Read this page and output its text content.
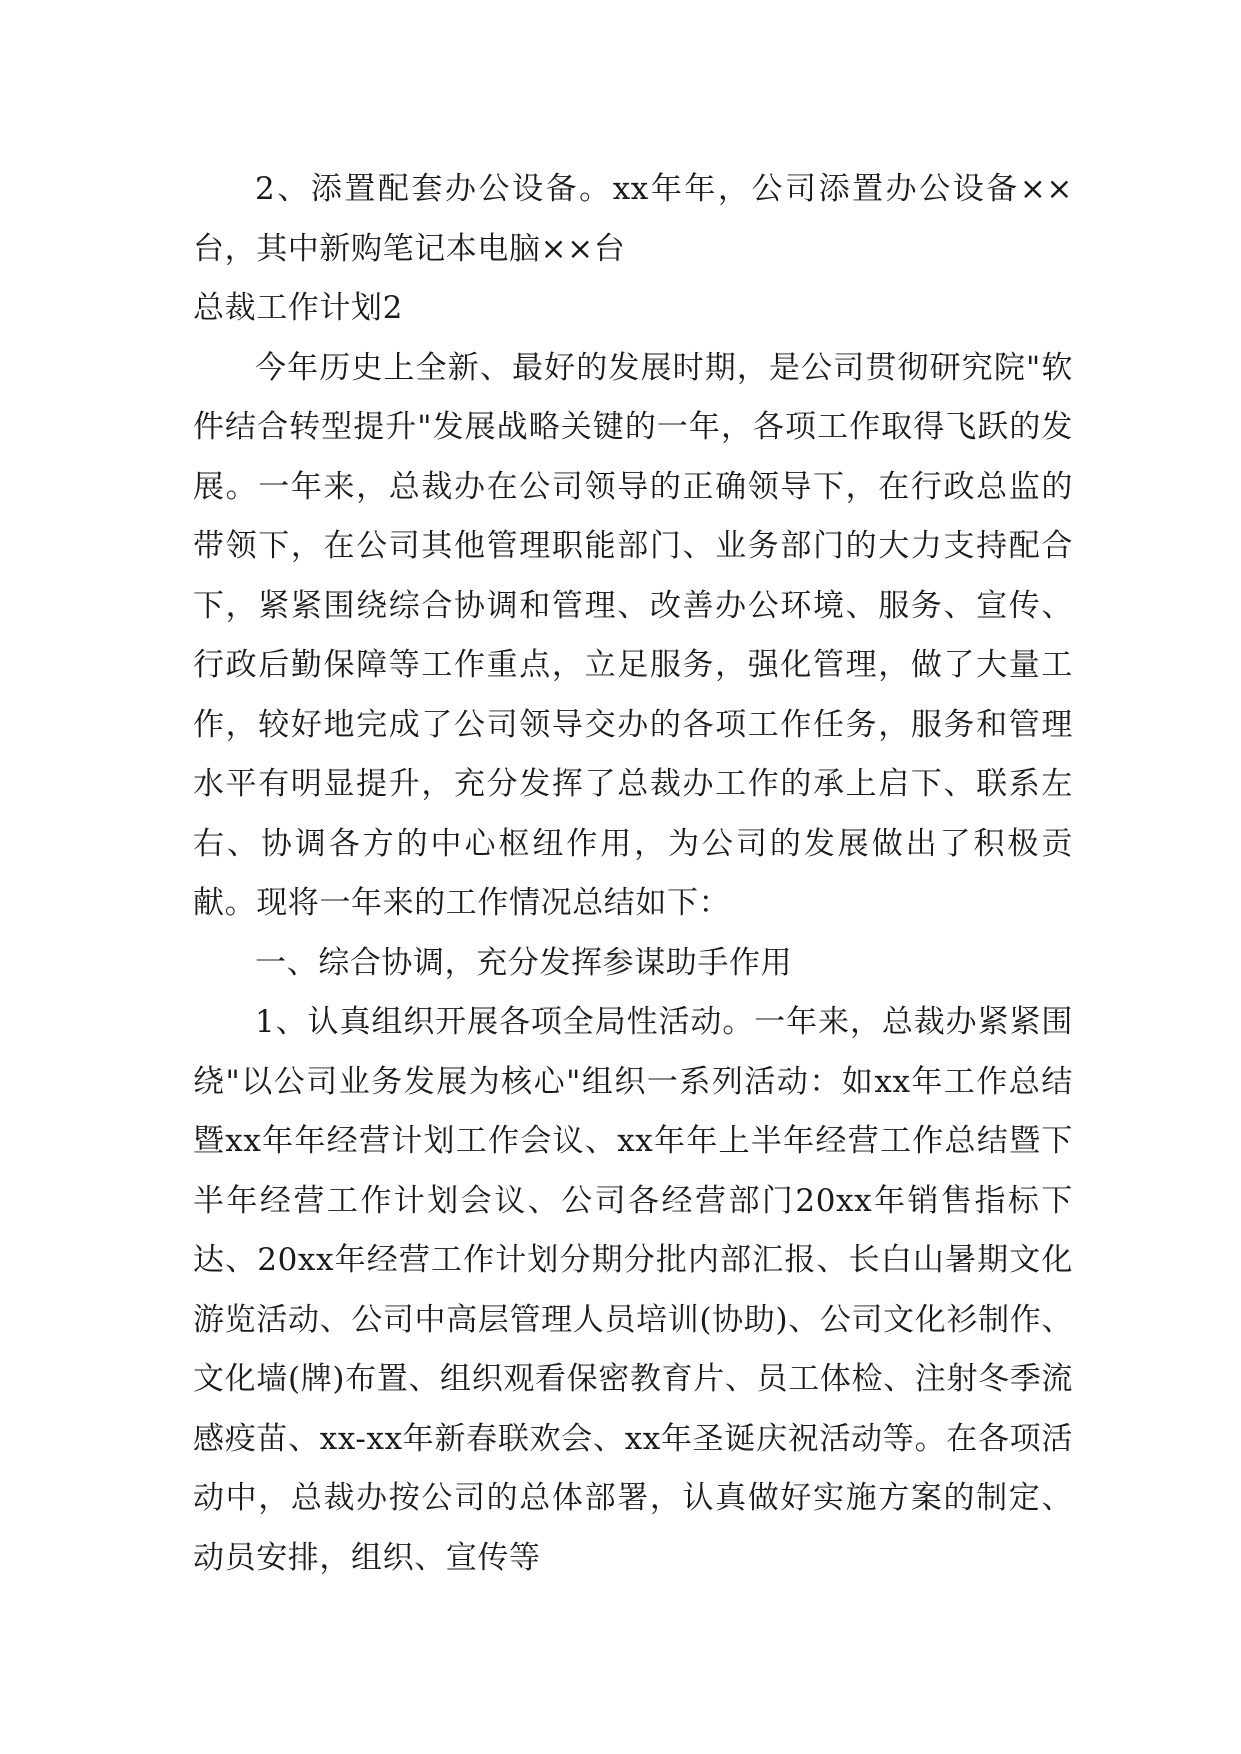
2、添置配套办公设备。xx年年，公司添置办公设备××台，其中新购笔记本电脑××台

总裁工作计划2

今年历史上全新、最好的发展时期，是公司贯彻研究院"软件结合转型提升"发展战略关键的一年，各项工作取得飞跃的发展。一年来，总裁办在公司领导的正确领导下，在行政总监的带领下，在公司其他管理职能部门、业务部门的大力支持配合下，紧紧围绕综合协调和管理、改善办公环境、服务、宣传、行政后勤保障等工作重点，立足服务，强化管理，做了大量工作，较好地完成了公司领导交办的各项工作任务，服务和管理水平有明显提升，充分发挥了总裁办工作的承上启下、联系左右、协调各方的中心枢纽作用，为公司的发展做出了积极贡献。现将一年来的工作情况总结如下：

一、综合协调，充分发挥参谋助手作用

1、认真组织开展各项全局性活动。一年来，总裁办紧紧围绕"以公司业务发展为核心"组织一系列活动：如xx年工作总结暨xx年年经营计划工作会议、xx年年上半年经营工作总结暨下半年经营工作计划会议、公司各经营部门20xx年销售指标下达、20xx年经营工作计划分期分批内部汇报、长白山暑期文化游览活动、公司中高层管理人员培训(协助)、公司文化衫制作、文化墙(牌)布置、组织观看保密教育片、员工体检、注射冬季流感疫苗、xx-xx年新春联欢会、xx年圣诞庆祝活动等。在各项活动中，总裁办按公司的总体部署，认真做好实施方案的制定、动员安排，组织、宣传等
